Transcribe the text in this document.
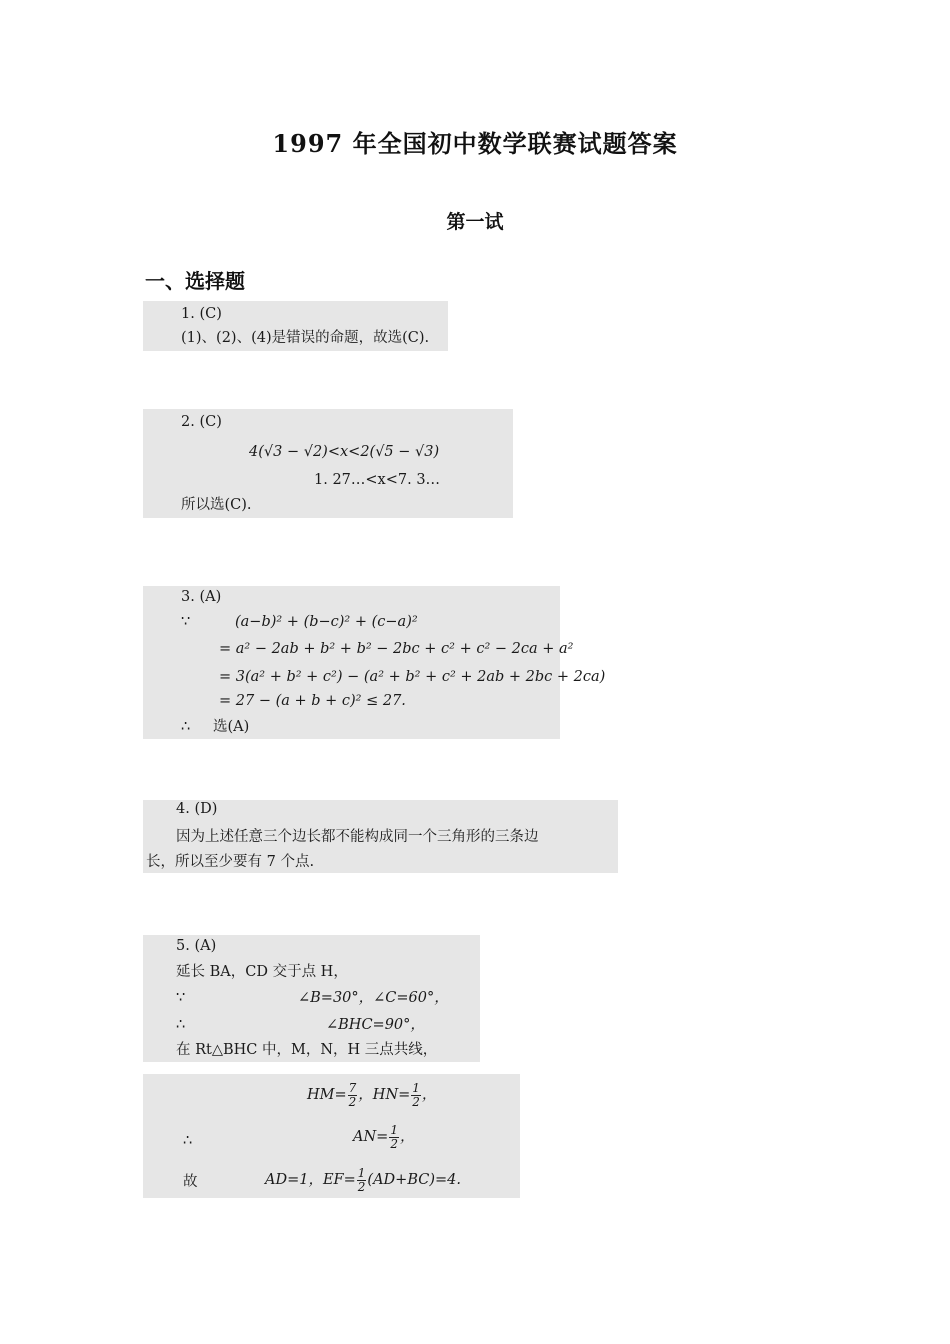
1997 年全国初中数学联赛试题答案
第一试
一、选择题
1. (C)
(1)、(2)、(4)是错误的命题，故选(C).
2. (C)
4(√3 − √2)<x<2(√5 − √3)
1. 27…<x<7. 3…
所以选(C).
3. (A)
∵	(a−b)² + (b−c)² + (c−a)²
= a² − 2ab + b² + b² − 2bc + c² + c² − 2ca + a²
= 3(a² + b² + c²) − (a² + b² + c² + 2ab + 2bc + 2ca)
= 27 − (a + b + c)² ≤ 27.
∴ 选(A)
4. (D)
因为上述任意三个边长都不能构成同一个三角形的三条边
长，所以至少要有 7 个点.
5. (A)
延长 BA，CD 交于点 H，
∵	∠B=30°，∠C=60°，
∴	∠BHC=90°，
在 Rt△BHC 中，M，N，H 三点共线，
$HM= \frac{7}{2}$ ，$HN= \frac{1}{2}$ ，
∴	$AN= \frac{1}{2}$ ，
故	AD=1，$EF= \frac{1}{2} (AD+BC)=4$.
